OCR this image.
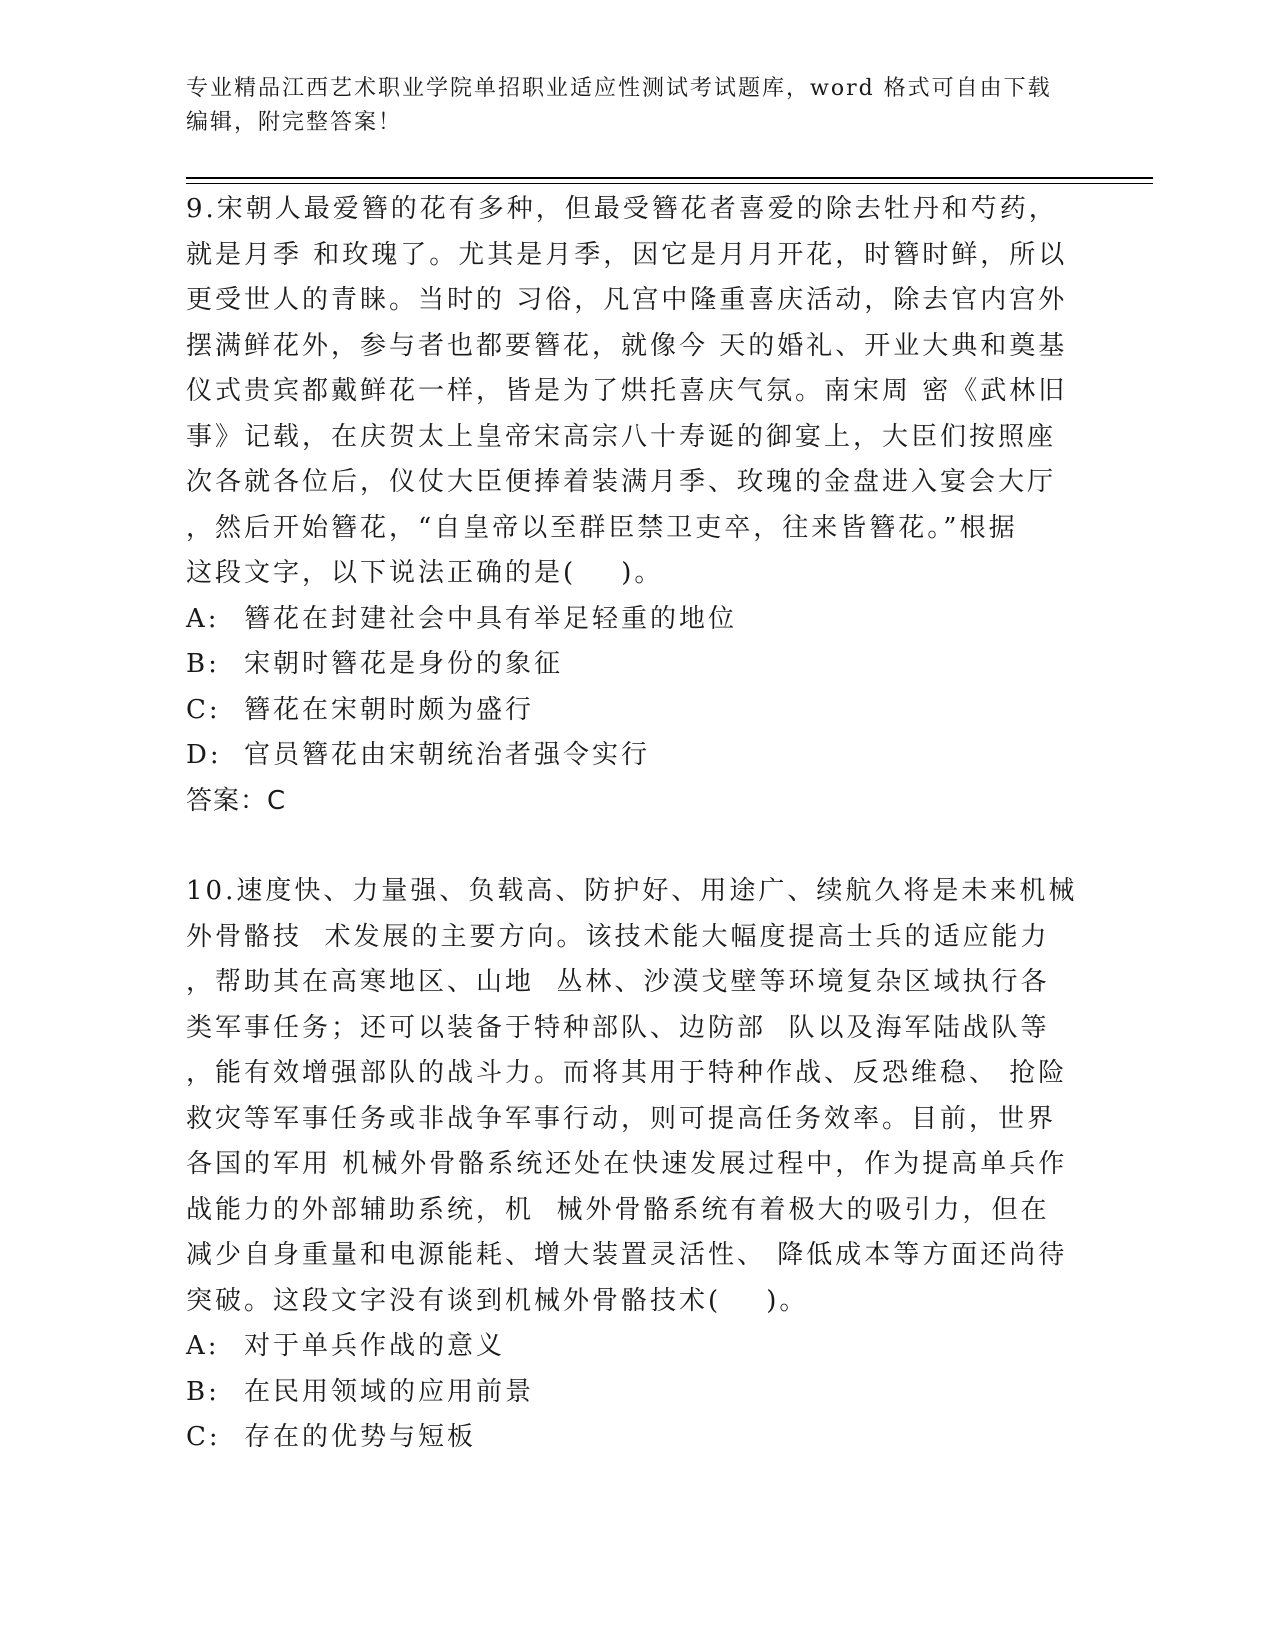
专业精品江西艺术职业学院单招职业适应性测试考试题库，word 格式可自由下载
编辑，附完整答案！
9.宋朝人最爱簪的花有多种，但最受簪花者喜爱的除去牡丹和芍药，
就是月季 和玫瑰了。尤其是月季，因它是月月开花，时簪时鲜，所以
更受世人的青睐。当时的 习俗，凡宫中隆重喜庆活动，除去官内宫外
摆满鲜花外，参与者也都要簪花，就像今 天的婚礼、开业大典和奠基
仪式贵宾都戴鲜花一样，皆是为了烘托喜庆气氛。南宋周 密《武林旧
事》记载，在庆贺太上皇帝宋高宗八十寿诞的御宴上，大臣们按照座
次各就各位后，仪仗大臣便捧着装满月季、玫瑰的金盘进入宴会大厅
，然后开始簪花，“自皇帝以至群臣禁卫吏卒，往来皆簪花。”根据
这段文字，以下说法正确的是(    )。
A: 簪花在封建社会中具有举足轻重的地位
B: 宋朝时簪花是身份的象征
C: 簪花在宋朝时颇为盛行
D: 官员簪花由宋朝统治者强令实行
答案：C
10.速度快、力量强、负载高、防护好、用途广、续航久将是未来机械
外骨骼技  术发展的主要方向。该技术能大幅度提高士兵的适应能力
，帮助其在高寒地区、山地  丛林、沙漠戈壁等环境复杂区域执行各
类军事任务；还可以装备于特种部队、边防部  队以及海军陆战队等
，能有效增强部队的战斗力。而将其用于特种作战、反恐维稳、 抢险
救灾等军事任务或非战争军事行动，则可提高任务效率。目前，世界
各国的军用 机械外骨骼系统还处在快速发展过程中，作为提高单兵作
战能力的外部辅助系统，机  械外骨骼系统有着极大的吸引力，但在
减少自身重量和电源能耗、增大装置灵活性、 降低成本等方面还尚待
突破。这段文字没有谈到机械外骨骼技术(    )。
A: 对于单兵作战的意义
B: 在民用领域的应用前景
C: 存在的优势与短板
